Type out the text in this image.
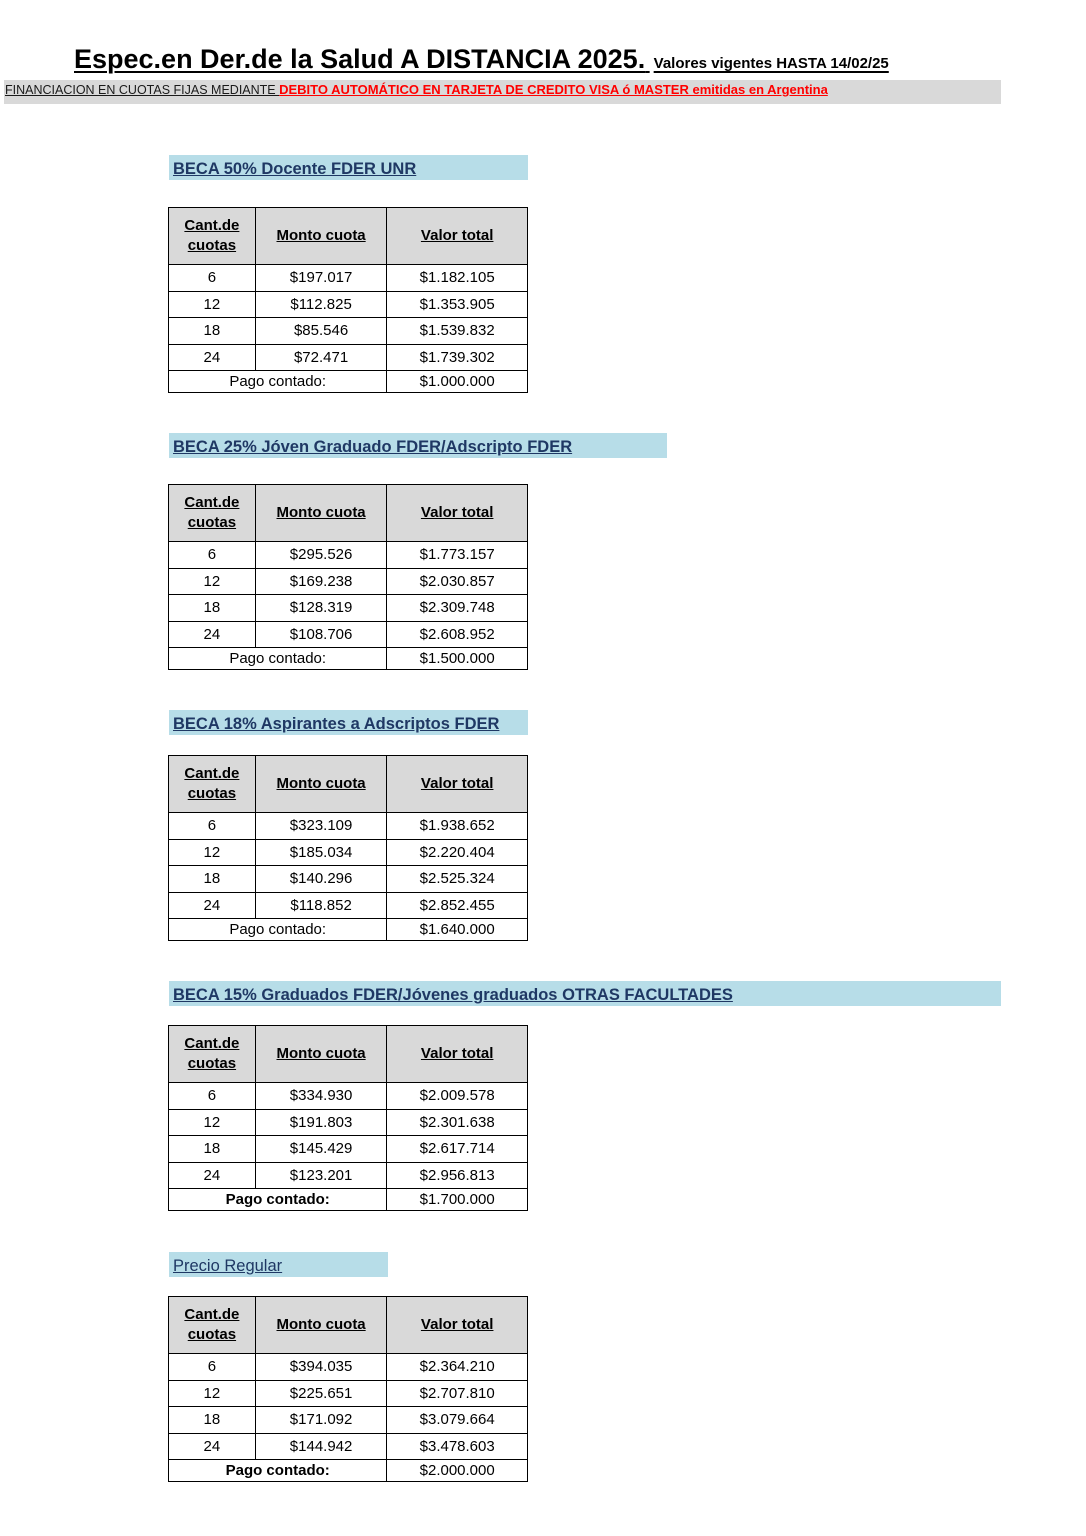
Espec.en Der.de la Salud A DISTANCIA 2025. Valores vigentes HASTA 14/02/25
FINANCIACION EN CUOTAS FIJAS MEDIANTE DEBITO AUTOMÁTICO EN TARJETA DE CREDITO VISA ó MASTER emitidas en Argentina
BECA 50% Docente FDER UNR
Cant.de
cuotas	Monto cuota	Valor total
6	$197.017	$1.182.105
12	$112.825	$1.353.905
18	$85.546	$1.539.832
24	$72.471	$1.739.302
Pago contado:		$1.000.000
BECA 25% Jóven Graduado FDER/Adscripto FDER
Cant.de
cuotas	Monto cuota	Valor total
6	$295.526	$1.773.157
12	$169.238	$2.030.857
18	$128.319	$2.309.748
24	$108.706	$2.608.952
Pago contado:		$1.500.000
BECA 18% Aspirantes a Adscriptos FDER
Cant.de
cuotas	Monto cuota	Valor total
6	$323.109	$1.938.652
12	$185.034	$2.220.404
18	$140.296	$2.525.324
24	$118.852	$2.852.455
Pago contado:		$1.640.000
BECA 15% Graduados FDER/Jóvenes graduados OTRAS FACULTADES
Cant.de
cuotas	Monto cuota	Valor total
6	$334.930	$2.009.578
12	$191.803	$2.301.638
18	$145.429	$2.617.714
24	$123.201	$2.956.813
Pago contado:		$1.700.000
Precio Regular
Cant.de
cuotas	Monto cuota	Valor total
6	$394.035	$2.364.210
12	$225.651	$2.707.810
18	$171.092	$3.079.664
24	$144.942	$3.478.603
Pago contado:		$2.000.000
